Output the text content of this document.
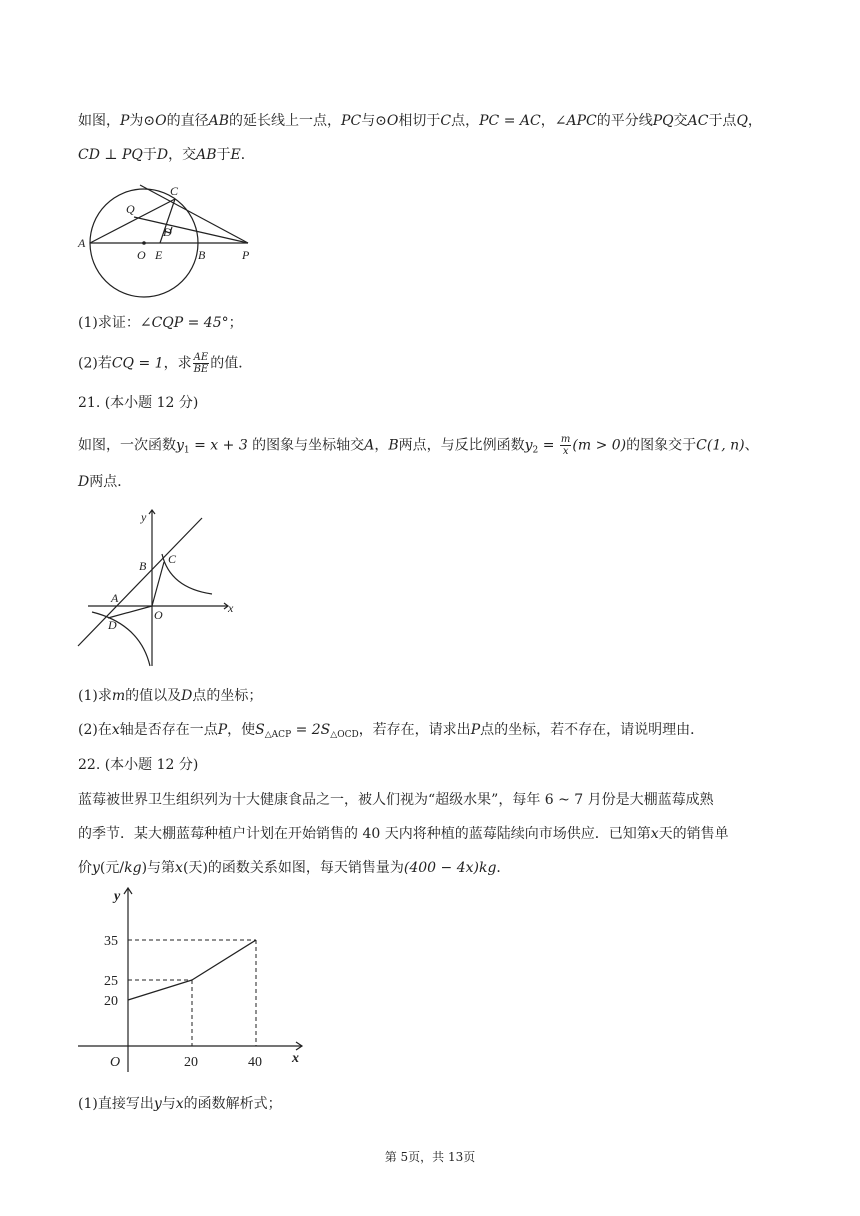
如图，P为⊙O的直径AB的延长线上一点，PC与⊙O相切于C点，PC = AC，∠APC的平分线PQ交AC于点Q，
CD ⊥ PQ于D，交AB于E．
A
O E	B	P
C
Q
D
(1)求证：∠CQP = 45°；
(2)若CQ = 1，求 $\frac{AE}{BE}$ 的值．
21. (本小题 12 分)
如图，一次函数$y_1 = x + 3$ 的图象与坐标轴交A，B两点，与反比例函数$y_2 = \frac{m}{x} (m > 0)$的图象交于C(1, n)、
D两点．
y
x
B C
A
O
D
(1)求m的值以及D点的坐标；
(2)在x轴是否存在一点P，使$S_{\triangle ACP} = 2S_{\triangle OCD}$，若存在，请求出P点的坐标，若不存在，请说明理由．
22. (本小题 12 分)
蓝莓被世界卫生组织列为十大健康食品之一，被人们视为“超级水果”，每年 6 ~ 7 月份是大棚蓝莓成熟
的季节．某大棚蓝莓种植户计划在开始销售的 40 天内将种植的蓝莓陆续向市场供应．已知第x天的销售单
价y(元/kg)与第x(天)的函数关系如图，每天销售量为(400 − 4x)kg．
20
25
35
O	20	40
y
x
(1)直接写出y与x的函数解析式；
第 5页，共 13页
